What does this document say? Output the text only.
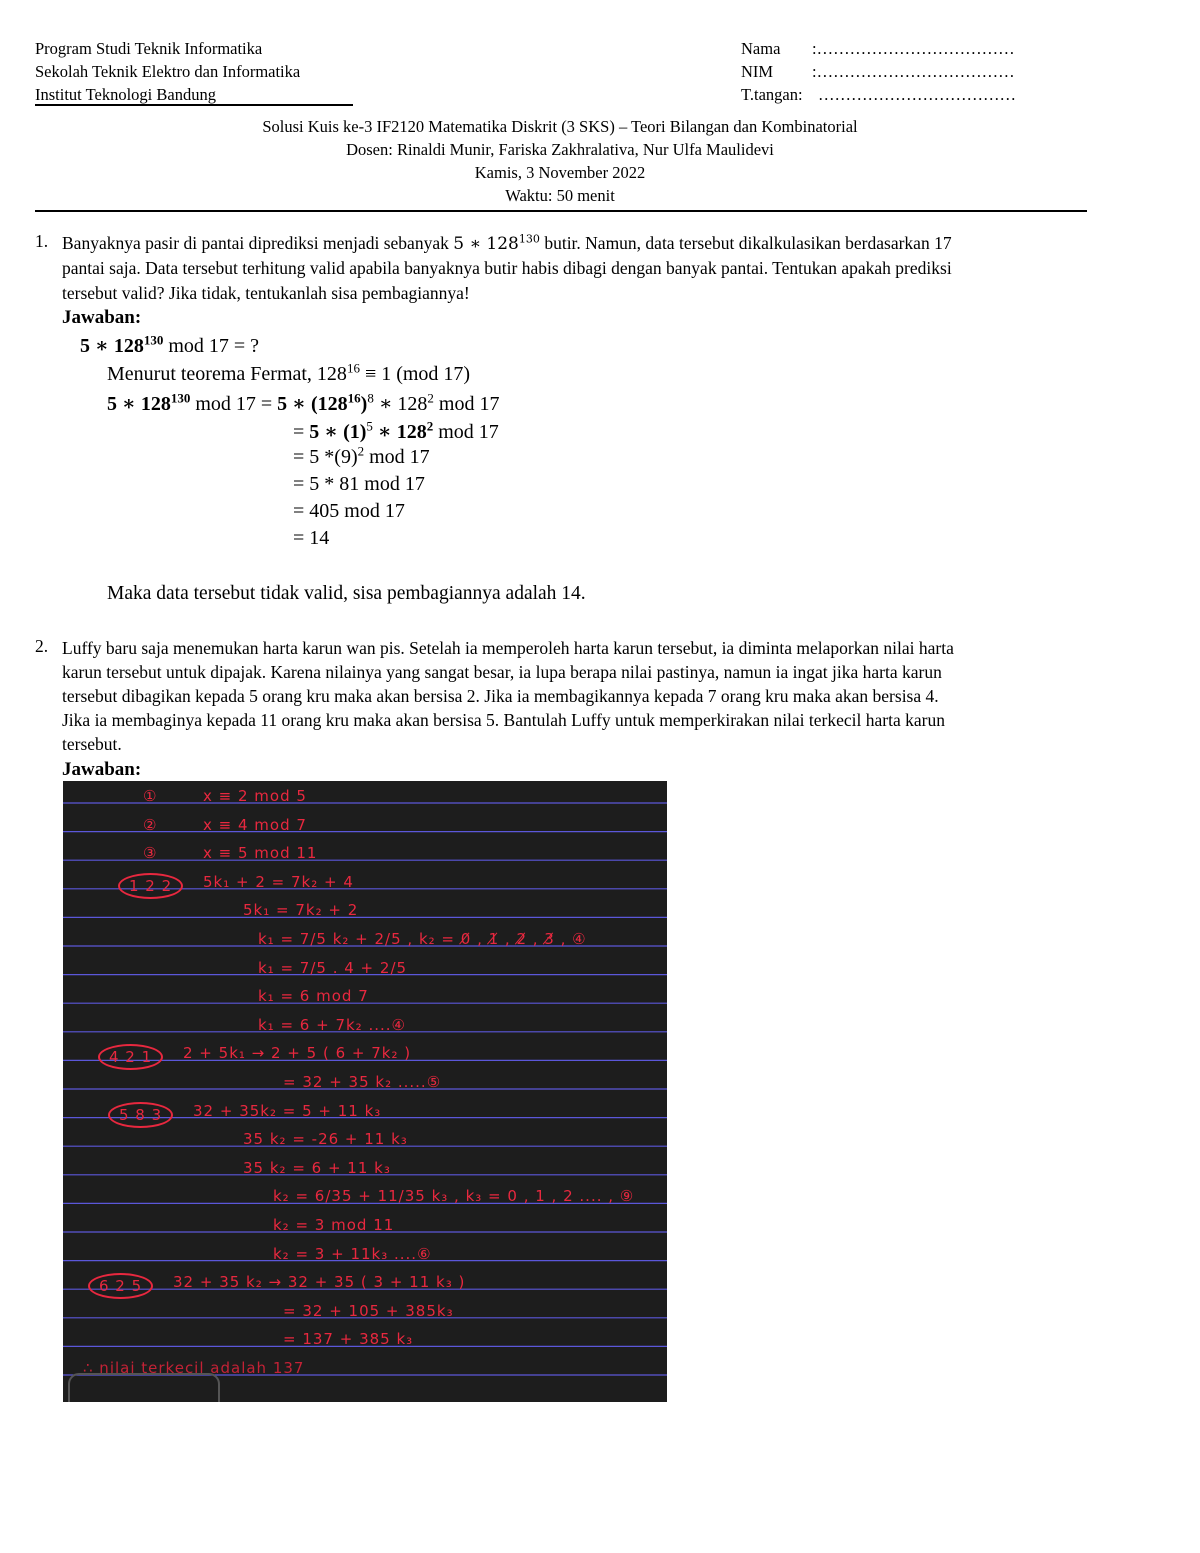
Program Studi Teknik Informatika
Sekolah Teknik Elektro dan Informatika
Institut Teknologi Bandung
Nama :………………………………
NIM :………………………………
T.tangan: ………………………………
Solusi Kuis ke-3 IF2120 Matematika Diskrit (3 SKS) – Teori Bilangan dan Kombinatorial
Dosen: Rinaldi Munir, Fariska Zakhralativa, Nur Ulfa Maulidevi
Kamis, 3 November 2022
Waktu: 50 menit
1. Banyaknya pasir di pantai diprediksi menjadi sebanyak 5 ∗ $128^{130}$ butir. Namun, data tersebut dikalkulasikan berdasarkan 17
pantai saja. Data tersebut terhitung valid apabila banyaknya butir habis dibagi dengan banyak pantai. Tentukan apakah prediksi
tersebut valid? Jika tidak, tentukanlah sisa pembagiannya!
Jawaban:
5 ∗ $128^{130}$ mod 17 = ?
Menurut teorema Fermat, $128^{16} \equiv 1$ (mod 17)
5 ∗ $128^{130}$ mod 17 = 5 ∗ $(128^{16})^8$ ∗ $128^2$ mod 17
= 5 ∗ $(1)^5$ ∗ $128^2$ mod 17
= 5 $*(9)^2$ mod 17
= 5 * 81 mod 17
= 405 mod 17
= 14
Maka data tersebut tidak valid, sisa pembagiannya adalah 14.
2. Luffy baru saja menemukan harta karun wan pis. Setelah ia memperoleh harta karun tersebut, ia diminta melaporkan nilai harta
karun tersebut untuk dipajak. Karena nilainya yang sangat besar, ia lupa berapa nilai pastinya, namun ia ingat jika harta karun
tersebut dibagikan kepada 5 orang kru maka akan bersisa 2. Jika ia membagikannya kepada 7 orang kru maka akan bersisa 4.
Jika ia membaginya kepada 11 orang kru maka akan bersisa 5. Bantulah Luffy untuk memperkirakan nilai terkecil harta karun
tersebut.
Jawaban:
①	x ≡ 2 mod 5
②	x ≡ 4 mod 7
③	x ≡ 5 mod 11
1 2 2	5k₁ + 2 = 7k₂ + 4
5k₁ = 7k₂ + 2
k₁ = 7/5 k₂ + 2/5 , k₂ = 0̸ , 1̸ , 2̸ , 3̸ , ④
k₁ = 7/5 . 4 + 2/5
k₁ = 6 mod 7
k₁ = 6 + 7k₂ ....④
4 2 1	2 + 5k₁ → 2 + 5 ( 6 + 7k₂ )
= 32 + 35 k₂ .....⑤
5 8 3	32 + 35k₂ = 5 + 11 k₃
35 k₂ = -26 + 11 k₃
35 k₂ = 6 + 11 k₃
k₂ = 6/35 + 11/35 k₃ , k₃ = 0 , 1 , 2 .... , ⑨
k₂ = 3 mod 11
k₂ = 3 + 11k₃ ....⑥
6 2 5	32 + 35 k₂ → 32 + 35 ( 3 + 11 k₃ )
= 32 + 105 + 385k₃
= 137 + 385 k₃
∴ nilai terkecil adalah 137
